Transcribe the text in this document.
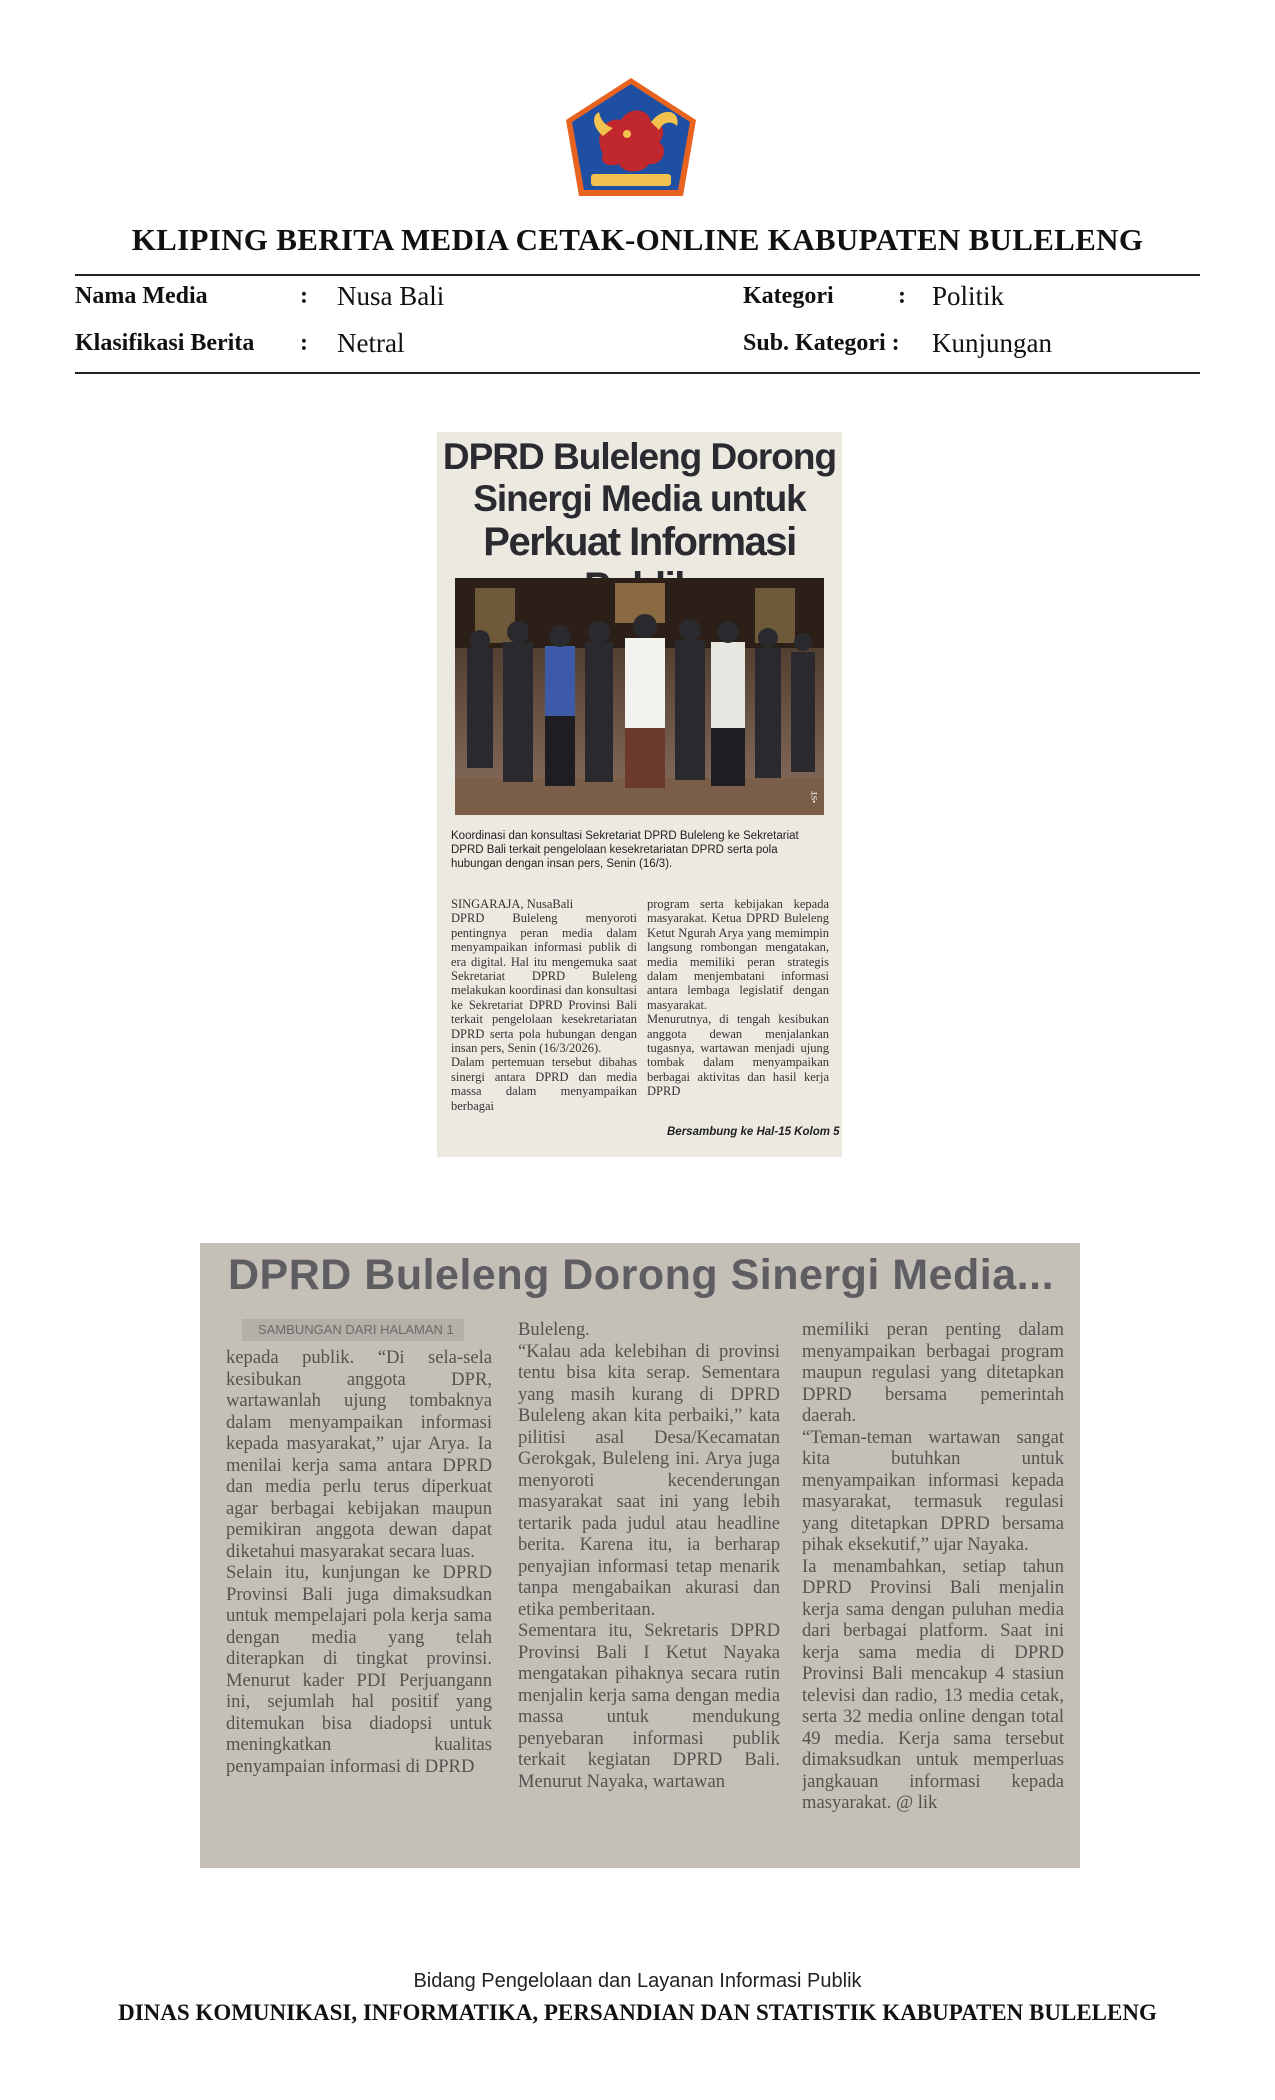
KLIPING BERITA MEDIA CETAK-ONLINE KABUPATEN BULELENG
Nama Media	: Nusa Bali	Kategori	: Politik
Klasifikasi Berita : Netral	Sub. Kategori : Kunjungan
DPRD Buleleng Dorong
Sinergi Media untuk
Perkuat Informasi
•ST
Koordinasi dan konsultasi Sekretariat DPRD Buleleng ke Sekretariat DPRD Bali terkait pengelolaan kesekretariatan DPRD serta pola hubungan dengan insan pers, Senin (16/3).
SINGARAJA, NusaBali
DPRD Buleleng menyoroti pentingnya peran media dalam menyampaikan informasi publik di era digital. Hal itu mengemuka saat Sekretariat DPRD Buleleng melakukan koordinasi dan konsultasi ke Sekretariat DPRD Provinsi Bali terkait pengelolaan kesekretariatan DPRD serta pola hubungan dengan insan pers, Senin (16/3/2026).
Dalam pertemuan tersebut dibahas sinergi antara DPRD dan media massa dalam menyampaikan berbagai
program serta kebijakan kepada masyarakat. Ketua DPRD Buleleng Ketut Ngurah Arya yang memimpin langsung rombongan mengatakan, media memiliki peran strategis dalam menjembatani informasi antara lembaga legislatif dengan masyarakat.
Menurutnya, di tengah kesibukan anggota dewan menjalankan tugasnya, wartawan menjadi ujung tombak dalam menyampaikan berbagai aktivitas dan hasil kerja DPRD
Bersambung ke Hal-15 Kolom 5
DPRD Buleleng Dorong Sinergi Media...
SAMBUNGAN DARI HALAMAN 1
kepada publik. “Di sela-sela kesibukan anggota DPR, wartawanlah ujung tombaknya dalam menyampaikan informasi kepada masyarakat,” ujar Arya. Ia menilai kerja sama antara DPRD dan media perlu terus diperkuat agar berbagai kebijakan maupun pemikiran anggota dewan dapat diketahui masyarakat secara luas.
Selain itu, kunjungan ke DPRD Provinsi Bali juga dimaksudkan untuk mempelajari pola kerja sama dengan media yang telah diterapkan di tingkat provinsi. Menurut kader PDI Perjuangann ini, sejumlah hal positif yang ditemukan bisa diadopsi untuk meningkatkan kualitas penyampaian informasi di DPRD
Buleleng.
“Kalau ada kelebihan di provinsi tentu bisa kita serap. Sementara yang masih kurang di DPRD Buleleng akan kita perbaiki,” kata pilitisi asal Desa/Kecamatan Gerokgak, Buleleng ini. Arya juga menyoroti kecenderungan masyarakat saat ini yang lebih tertarik pada judul atau headline berita. Karena itu, ia berharap penyajian informasi tetap menarik tanpa mengabaikan akurasi dan etika pemberitaan.
Sementara itu, Sekretaris DPRD Provinsi Bali I Ketut Nayaka mengatakan pihaknya secara rutin menjalin kerja sama dengan media massa untuk mendukung penyebaran informasi publik terkait kegiatan DPRD Bali. Menurut Nayaka, wartawan
memiliki peran penting dalam menyampaikan berbagai program maupun regulasi yang ditetapkan DPRD bersama pemerintah daerah.
“Teman-teman wartawan sangat kita butuhkan untuk menyampaikan informasi kepada masyarakat, termasuk regulasi yang ditetapkan DPRD bersama pihak eksekutif,” ujar Nayaka.
Ia menambahkan, setiap tahun DPRD Provinsi Bali menjalin kerja sama dengan puluhan media dari berbagai platform. Saat ini kerja sama media di DPRD Provinsi Bali mencakup 4 stasiun televisi dan radio, 13 media cetak, serta 32 media online dengan total 49 media. Kerja sama tersebut dimaksudkan untuk memperluas jangkauan informasi kepada masyarakat. @ lik
Bidang Pengelolaan dan Layanan Informasi Publik
DINAS KOMUNIKASI, INFORMATIKA, PERSANDIAN DAN STATISTIK KABUPATEN BULELENG
